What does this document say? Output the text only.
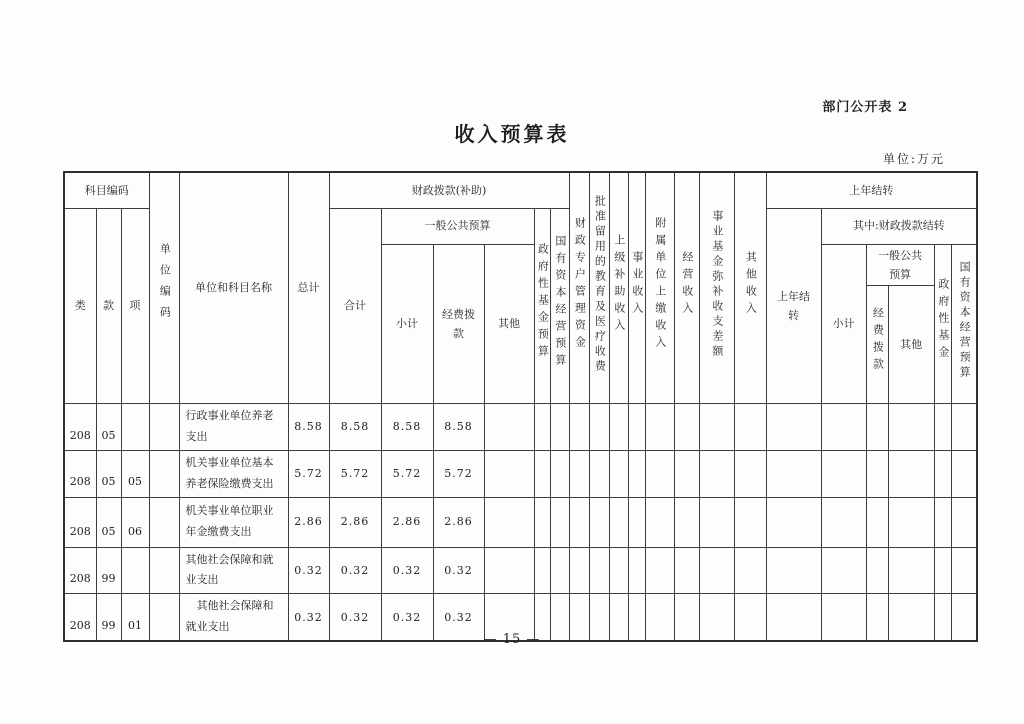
部门公开表 2
收入预算表
单位:万元
科目编码			单位编码	单位和科目名称	总计	财政拨款(补助)						财政专户管理资金	批准留用的教育及医疗收费	上级补助收入	事业收入	附属单位上缴收入	经营收入	事业基金弥补收支差额	其他收入	上年结转					
类	款	项				合计	一般公共预算			政府性基金预算	国有资本经营预算									上年结转	其中:财政拨款结转				
							小计	经费拨款	其他												小计	一般公共预算		政府性基金	国有资本经营预算
																						经费拨款	其他		
208	05			行政事业单位养老支出	8.58	8.58	8.58	8.58																	
208	05	05		机关事业单位基本养老保险缴费支出	5.72	5.72	5.72	5.72																	
208	05	06		机关事业单位职业年金缴费支出	2.86	2.86	2.86	2.86																	
208	99			其他社会保障和就业支出	0.32	0.32	0.32	0.32																	
208	99	01		　其他社会保障和就业支出	0.32	0.32	0.32	0.32																	
— 15 —
